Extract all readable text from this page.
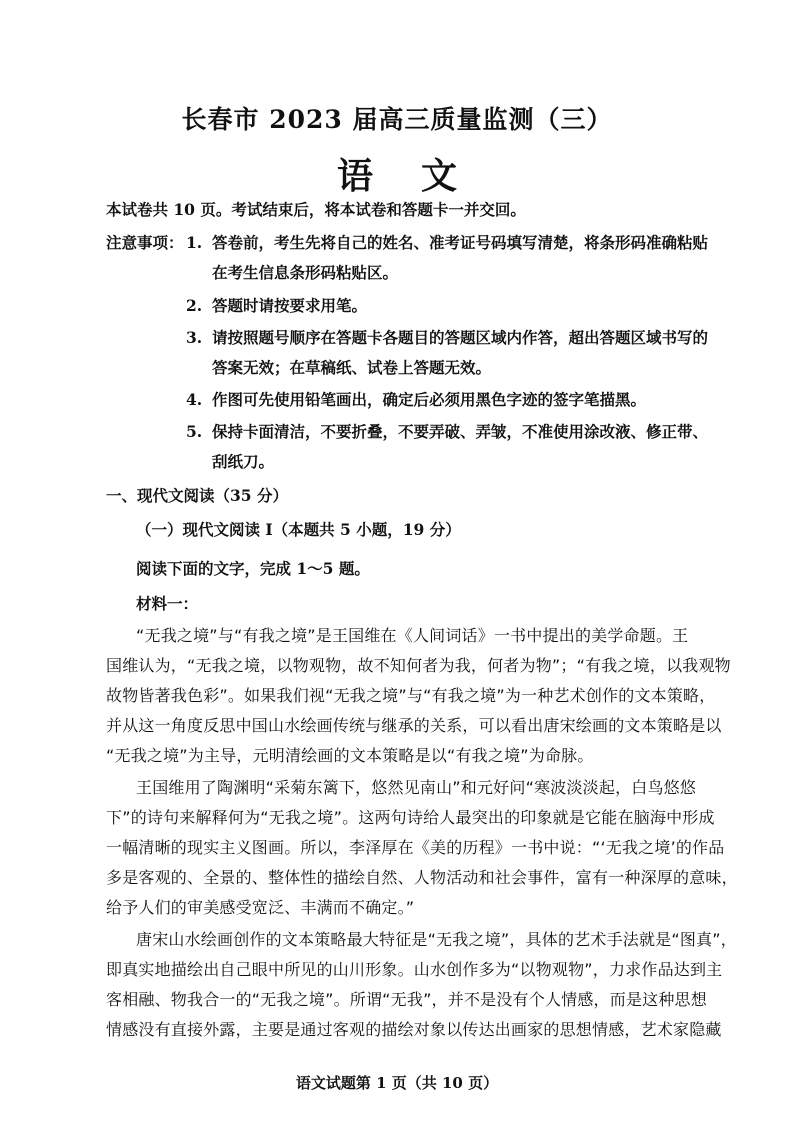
长春市 2023 届高三质量监测（三）
语文
本试卷共 10 页。考试结束后，将本试卷和答题卡一并交回。
注意事项： 1. 答卷前，考生先将自己的姓名、准考证号码填写清楚，将条形码准确粘贴
在考生信息条形码粘贴区。
2. 答题时请按要求用笔。
3. 请按照题号顺序在答题卡各题目的答题区域内作答，超出答题区域书写的
答案无效；在草稿纸、试卷上答题无效。
4. 作图可先使用铅笔画出，确定后必须用黑色字迹的签字笔描黑。
5. 保持卡面清洁，不要折叠，不要弄破、弄皱，不准使用涂改液、修正带、
刮纸刀。
一、现代文阅读（35 分）
（一）现代文阅读 I（本题共 5 小题，19 分）
阅读下面的文字，完成 1～5 题。
材料一：
“无我之境”与“有我之境”是王国维在《人间词话》一书中提出的美学命题。王
国维认为，“无我之境，以物观物，故不知何者为我，何者为物”；“有我之境，以我观物
故物皆著我色彩”。如果我们视“无我之境”与“有我之境”为一种艺术创作的文本策略，
并从这一角度反思中国山水绘画传统与继承的关系，可以看出唐宋绘画的文本策略是以
“无我之境”为主导，元明清绘画的文本策略是以“有我之境”为命脉。
王国维用了陶渊明“采菊东篱下，悠然见南山”和元好问“寒波淡淡起，白鸟悠悠
下”的诗句来解释何为“无我之境”。这两句诗给人最突出的印象就是它能在脑海中形成
一幅清晰的现实主义图画。所以，李泽厚在《美的历程》一书中说：“‘无我之境’的作品
多是客观的、全景的、整体性的描绘自然、人物活动和社会事件，富有一种深厚的意味，
给予人们的审美感受宽泛、丰满而不确定。”
唐宋山水绘画创作的文本策略最大特征是“无我之境”，具体的艺术手法就是“图真”，
即真实地描绘出自己眼中所见的山川形象。山水创作多为“以物观物”，力求作品达到主
客相融、物我合一的“无我之境”。所谓“无我”，并不是没有个人情感，而是这种思想
情感没有直接外露，主要是通过客观的描绘对象以传达出画家的思想情感，艺术家隐藏
语文试题第 1 页（共 10 页）
